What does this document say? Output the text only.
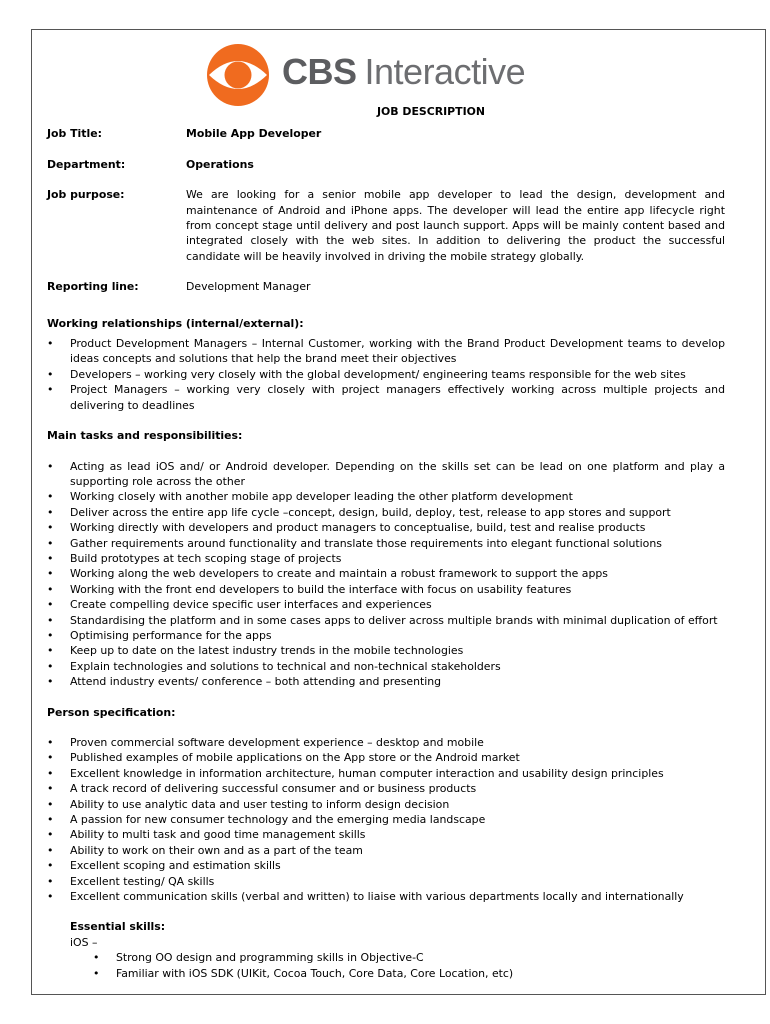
CBS Interactive
JOB DESCRIPTION
Job Title:	Mobile App Developer
Department:	Operations
Job purpose:	We are looking for a senior mobile app developer to lead the design, development and maintenance of Android and iPhone apps. The developer will lead the entire app lifecycle right from concept stage until delivery and post launch support. Apps will be mainly content based and integrated closely with the web sites. In addition to delivering the product the successful candidate will be heavily involved in driving the mobile strategy globally.
Reporting line:	Development Manager
Working relationships (internal/external):
• Product Development Managers – Internal Customer, working with the Brand Product Development teams to develop ideas concepts and solutions that help the brand meet their objectives
• Developers – working very closely with the global development/ engineering teams responsible for the web sites
• Project Managers – working very closely with project managers effectively working across multiple projects and delivering to deadlines
Main tasks and responsibilities:
• Acting as lead iOS and/ or Android developer. Depending on the skills set can be lead on one platform and play a supporting role across the other
• Working closely with another mobile app developer leading the other platform development
• Deliver across the entire app life cycle –concept, design, build, deploy, test, release to app stores and support
• Working directly with developers and product managers to conceptualise, build, test and realise products
• Gather requirements around functionality and translate those requirements into elegant functional solutions
• Build prototypes at tech scoping stage of projects
• Working along the web developers to create and maintain a robust framework to support the apps
• Working with the front end developers to build the interface with focus on usability features
• Create compelling device specific user interfaces and experiences
• Standardising the platform and in some cases apps to deliver across multiple brands with minimal duplication of effort
• Optimising performance for the apps
• Keep up to date on the latest industry trends in the mobile technologies
• Explain technologies and solutions to technical and non-technical stakeholders
• Attend industry events/ conference – both attending and presenting
Person specification:
• Proven commercial software development experience – desktop and mobile
• Published examples of mobile applications on the App store or the Android market
• Excellent knowledge in information architecture, human computer interaction and usability design principles
• A track record of delivering successful consumer and or business products
• Ability to use analytic data and user testing to inform design decision
• A passion for new consumer technology and the emerging media landscape
• Ability to multi task and good time management skills
• Ability to work on their own and as a part of the team
• Excellent scoping and estimation skills
• Excellent testing/ QA skills
• Excellent communication skills (verbal and written) to liaise with various departments locally and internationally
Essential skills:
iOS –
• Strong OO design and programming skills in Objective-C
• Familiar with iOS SDK (UIKit, Cocoa Touch, Core Data, Core Location, etc)
